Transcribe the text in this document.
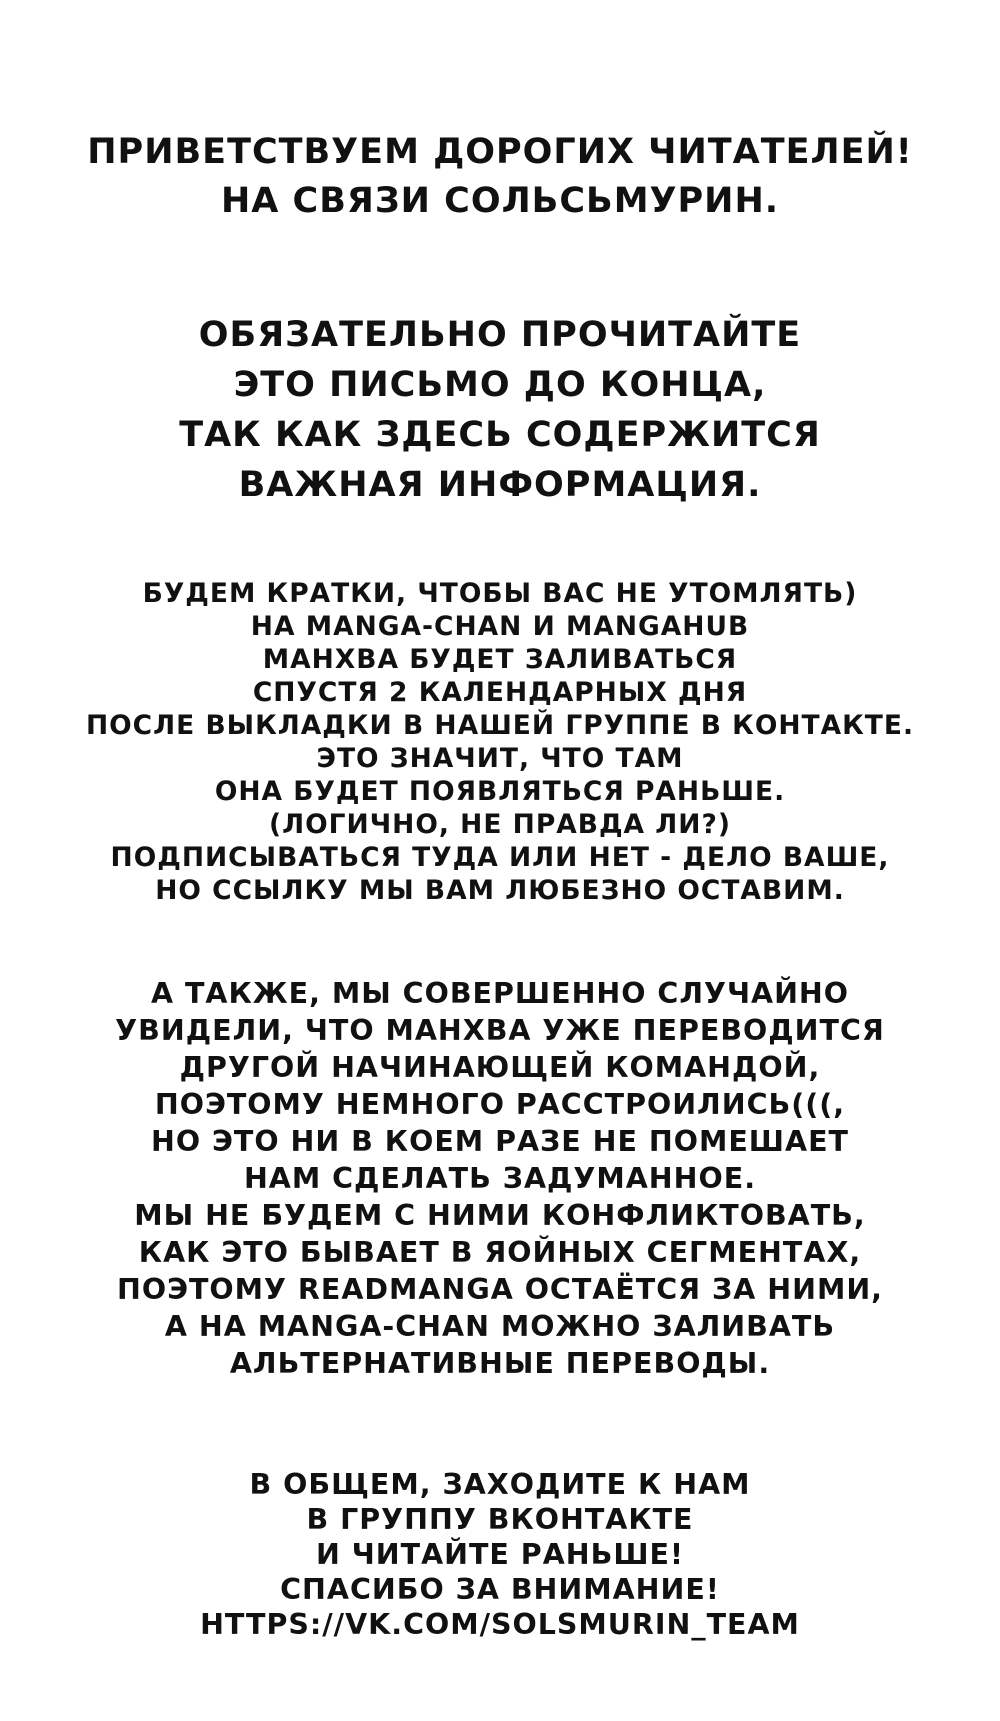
ПРИВЕТСТВУЕМ ДОРОГИХ ЧИТАТЕЛЕЙ!
НА СВЯЗИ СОЛЬСЬМУРИН.
ОБЯЗАТЕЛЬНО ПРОЧИТАЙТЕ
ЭТО ПИСЬМО ДО КОНЦА,
ТАК КАК ЗДЕСЬ СОДЕРЖИТСЯ
ВАЖНАЯ ИНФОРМАЦИЯ.
БУДЕМ КРАТКИ, ЧТОБЫ ВАС НЕ УТОМЛЯТЬ)
НА MANGA-CHAN И MANGAHUB
МАНХВА БУДЕТ ЗАЛИВАТЬСЯ
СПУСТЯ 2 КАЛЕНДАРНЫХ ДНЯ
ПОСЛЕ ВЫКЛАДКИ В НАШЕЙ ГРУППЕ В КОНТАКТЕ.
ЭТО ЗНАЧИТ, ЧТО ТАМ
ОНА БУДЕТ ПОЯВЛЯТЬСЯ РАНЬШЕ.
(ЛОГИЧНО, НЕ ПРАВДА ЛИ?)
ПОДПИСЫВАТЬСЯ ТУДА ИЛИ НЕТ - ДЕЛО ВАШЕ,
НО ССЫЛКУ МЫ ВАМ ЛЮБЕЗНО ОСТАВИМ.
А ТАКЖЕ, МЫ СОВЕРШЕННО СЛУЧАЙНО
УВИДЕЛИ, ЧТО МАНХВА УЖЕ ПЕРЕВОДИТСЯ
ДРУГОЙ НАЧИНАЮЩЕЙ КОМАНДОЙ,
ПОЭТОМУ НЕМНОГО РАССТРОИЛИСЬ(((,
НО ЭТО НИ В КОЕМ РАЗЕ НЕ ПОМЕШАЕТ
НАМ СДЕЛАТЬ ЗАДУМАННОЕ.
МЫ НЕ БУДЕМ С НИМИ КОНФЛИКТОВАТЬ,
КАК ЭТО БЫВАЕТ В ЯОЙНЫХ СЕГМЕНТАХ,
ПОЭТОМУ READMANGA ОСТАЁТСЯ ЗА НИМИ,
А НА MANGA-CHAN МОЖНО ЗАЛИВАТЬ
АЛЬТЕРНАТИВНЫЕ ПЕРЕВОДЫ.
В ОБЩЕМ, ЗАХОДИТЕ К НАМ
В ГРУППУ ВКОНТАКТЕ
И ЧИТАЙТЕ РАНЬШЕ!
СПАСИБО ЗА ВНИМАНИЕ!
HTTPS://VK.COM/SOLSMURIN_TEAM
